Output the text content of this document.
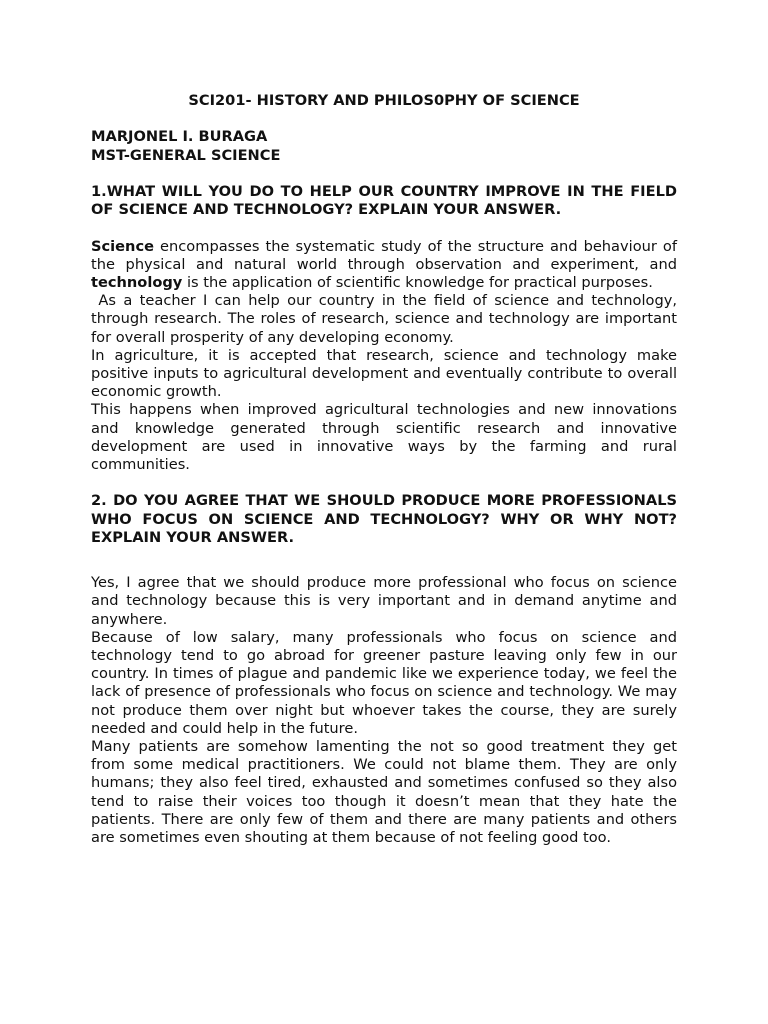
SCI201- HISTORY AND PHILOS0PHY OF SCIENCE

MARJONEL I. BURAGA

MST-GENERAL SCIENCE

1.WHAT WILL YOU DO TO HELP OUR COUNTRY IMPROVE IN THE FIELD OF SCIENCE AND TECHNOLOGY? EXPLAIN YOUR ANSWER.

Science encompasses the systematic study of the structure and behaviour of the physical and natural world through observation and experiment, and technology is the application of scientific knowledge for practical purposes.

As a teacher I can help our country in the field of science and technology, through research. The roles of research, science and technology are important for overall prosperity of any developing economy.

In agriculture, it is accepted that research, science and technology make positive inputs to agricultural development and eventually contribute to overall economic growth.

This happens when improved agricultural technologies and new innovations and knowledge generated through scientific research and innovative development are used in innovative ways by the farming and rural communities.

2. DO YOU AGREE THAT WE SHOULD PRODUCE MORE PROFESSIONALS WHO FOCUS ON SCIENCE AND TECHNOLOGY? WHY OR WHY NOT? EXPLAIN YOUR ANSWER.

Yes, I agree that we should produce more professional who focus on science and technology because this is very important and in demand anytime and anywhere.

Because of low salary, many professionals who focus on science and technology tend to go abroad for greener pasture leaving only few in our country. In times of plague and pandemic like we experience today, we feel the lack of presence of professionals who focus on science and technology. We may not produce them over night but whoever takes the course, they are surely needed and could help in the future.

Many patients are somehow lamenting the not so good treatment they get from some medical practitioners. We could not blame them. They are only humans; they also feel tired, exhausted and sometimes confused so they also tend to raise their voices too though it doesn’t mean that they hate the patients. There are only few of them and there are many patients and others are sometimes even shouting at them because of not feeling good too.
